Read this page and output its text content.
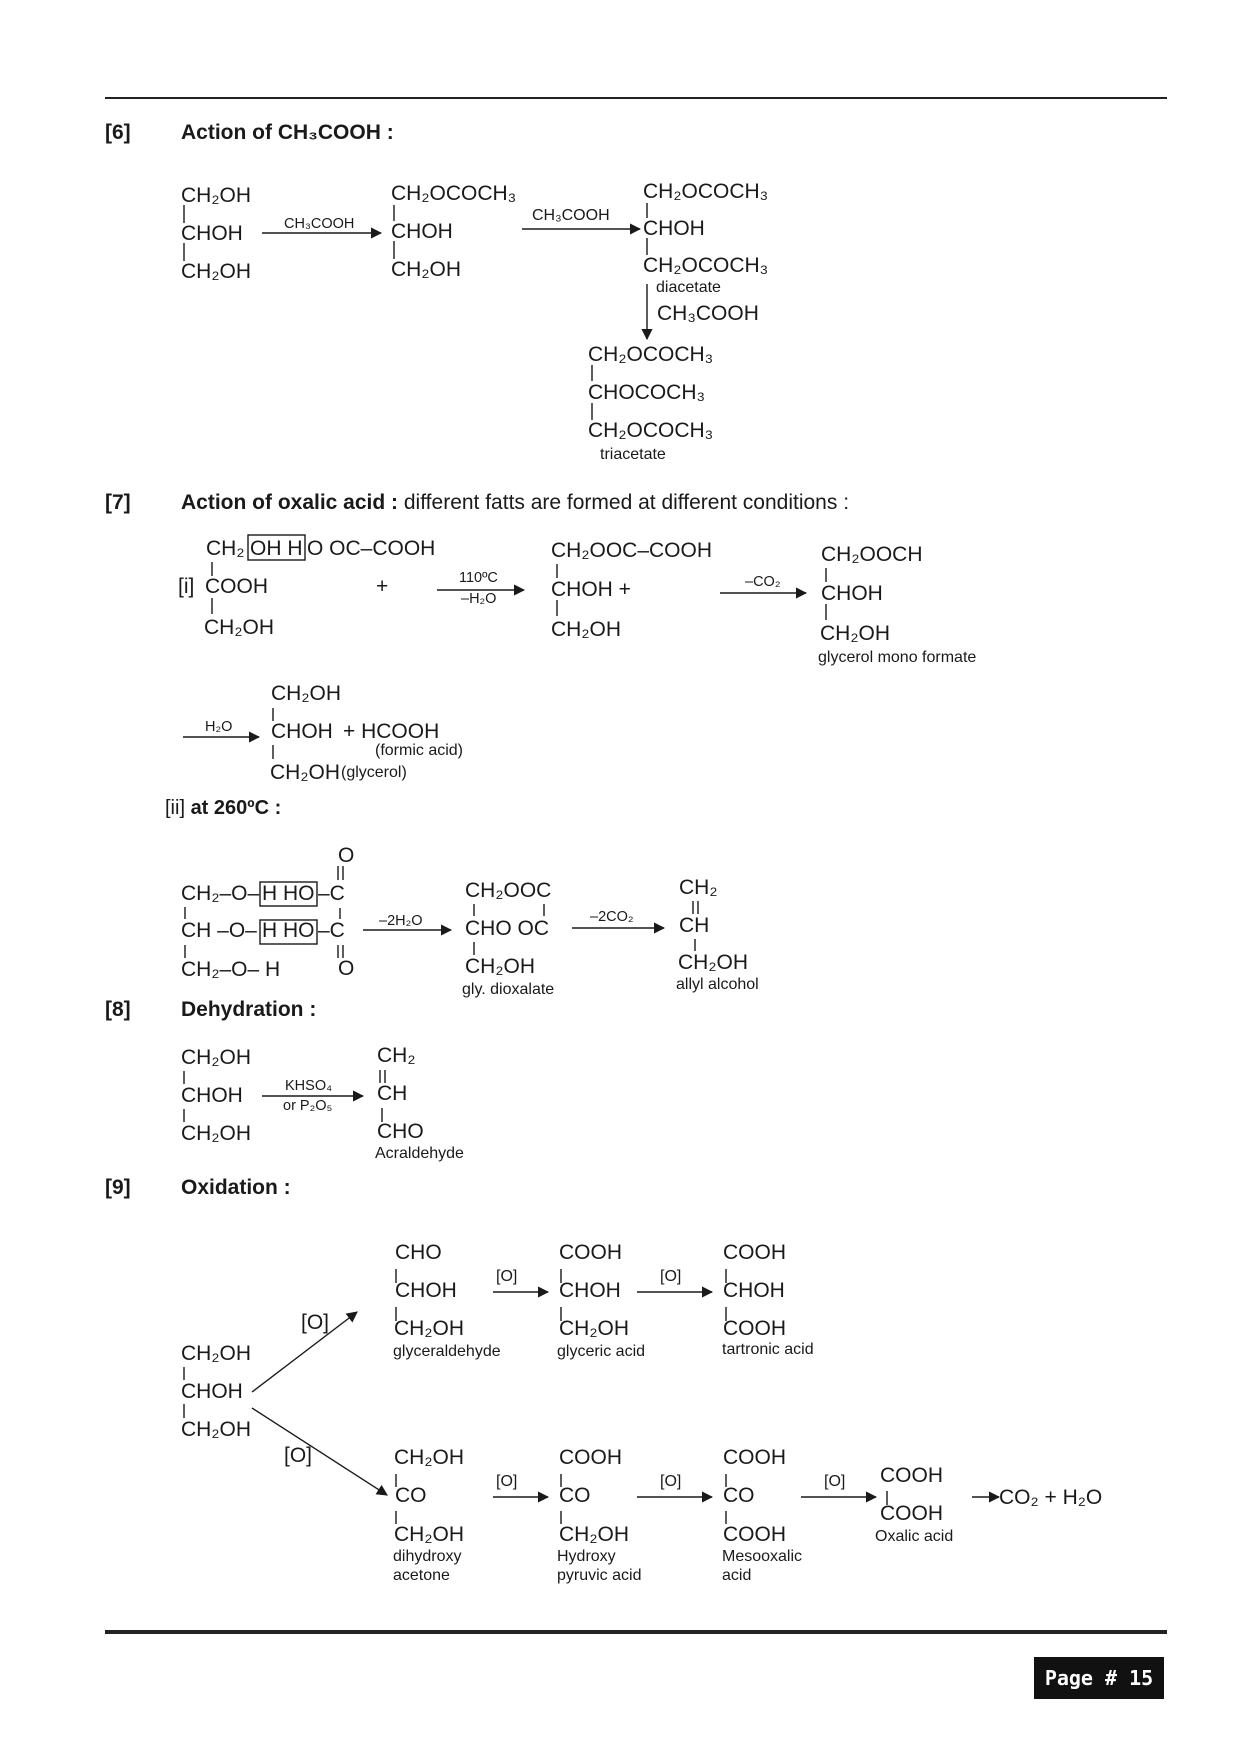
[6] Action of CH₃COOH :
[7] Action of oxalic acid : different fatts are formed at different conditions :
[8] Dehydration :
[9] Oxidation :
[ii] at 260ºC :
CH₂OH
CHOH
CH₂OH
CH₃COOH
CH₂OCOCH₃
CHOH
CH₂OH
CH₃COOH
CH₂OCOCH₃
CHOH
CH₂OCOCH₃
diacetate
CH₃COOH
CH₂OCOCH₃
CHOCOCH₃
CH₂OCOCH₃
triacetate
CH₂ OH H O OC–COOH
[i] COOH
CH₂OH
+	110ºC
–H₂O
CH₂OOC–COOH
CHOH +
CH₂OH
–CO₂
CH₂OOCH
CHOH
CH₂OH
glycerol mono formate
H₂O
CH₂OH
CHOH + HCOOH
(formic acid)
CH₂OH (glycerol)
O
CH₂–O– H HO –C
CH –O– H HO –C
CH₂–O– H	O
–2H₂O
CH₂OOC
CHO OC
CH₂OH
gly. dioxalate
–2CO₂
CH₂
CH
CH₂OH
allyl alcohol
CH₂OH
CHOH
CH₂OH
KHSO₄
or P₂O₅
CH₂
CH
CHO
Acraldehyde
CH₂OH
CHOH
CH₂OH
[O]
[O]
CHO
CHOH
CH₂OH
glyceraldehyde
[O]
COOH
CHOH
CH₂OH
glyceric acid
[O]
COOH
CHOH
COOH
tartronic acid
CH₂OH
CO
CH₂OH
dihydroxy
acetone
[O]
COOH
CO
CH₂OH
Hydroxy
pyruvic acid
[O]
COOH
CO
COOH
Mesooxalic
acid
[O] COOH
COOH
Oxalic acid
CO₂ + H₂O
Page # 15
